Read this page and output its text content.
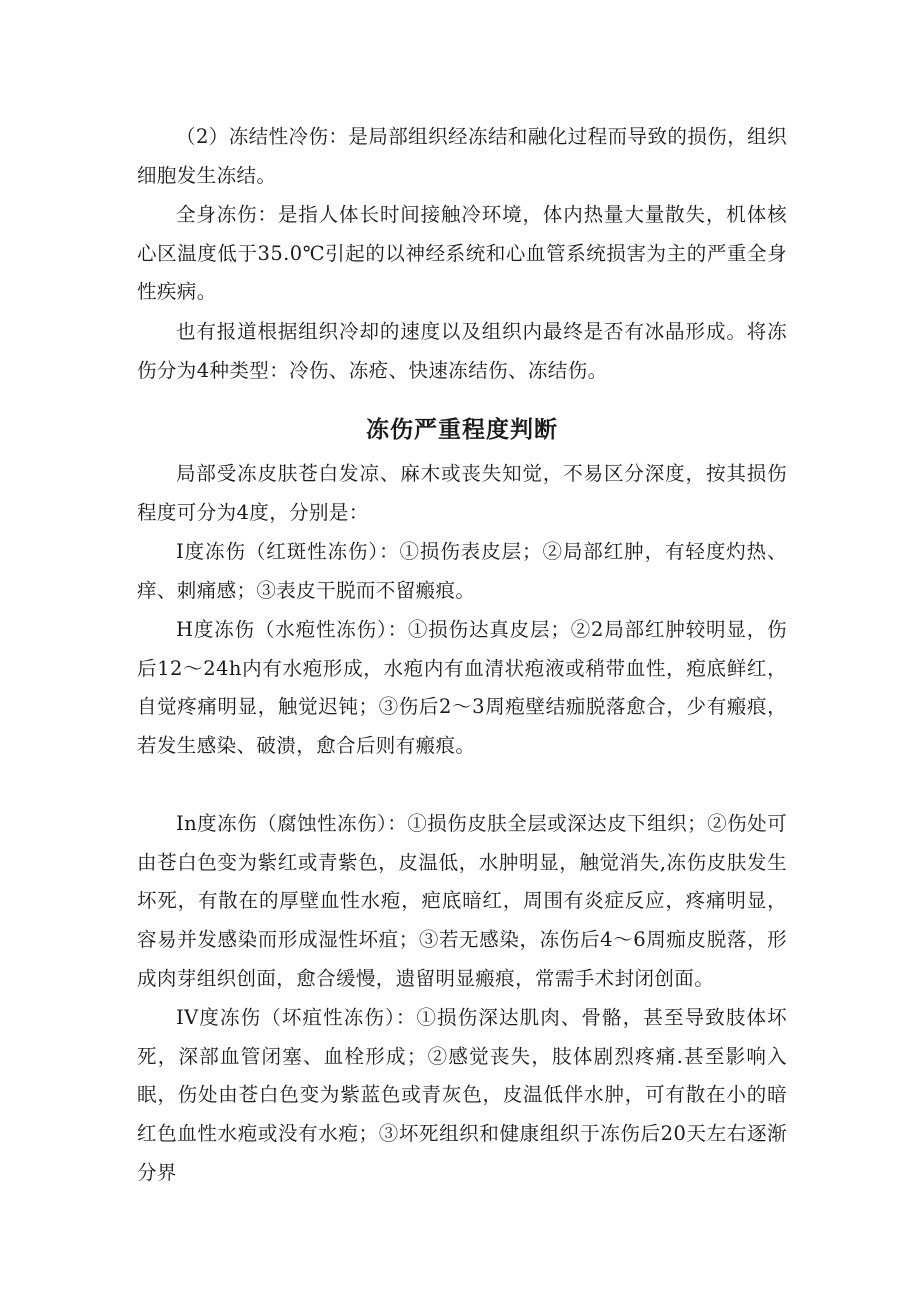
（2）冻结性冷伤：是局部组织经冻结和融化过程而导致的损伤，组织细胞发生冻结。

全身冻伤：是指人体长时间接触冷环境，体内热量大量散失，机体核心区温度低于35.0℃引起的以神经系统和心血管系统损害为主的严重全身性疾病。

也有报道根据组织冷却的速度以及组织内最终是否有冰晶形成。将冻伤分为4种类型：冷伤、冻疮、快速冻结伤、冻结伤。

冻伤严重程度判断

局部受冻皮肤苍白发凉、麻木或丧失知觉，不易区分深度，按其损伤程度可分为4度，分别是：

I度冻伤（红斑性冻伤）：①损伤表皮层；②局部红肿，有轻度灼热、痒、刺痛感；③表皮干脱而不留瘢痕。

H度冻伤（水疱性冻伤）：①损伤达真皮层；②2局部红肿较明显，伤后12～24h内有水疱形成，水疱内有血清状疱液或稍带血性，疱底鲜红，自觉疼痛明显，触觉迟钝；③伤后2～3周疱壁结痂脱落愈合，少有瘢痕，若发生感染、破溃，愈合后则有瘢痕。

In度冻伤（腐蚀性冻伤）：①损伤皮肤全层或深达皮下组织；②伤处可由苍白色变为紫红或青紫色，皮温低，水肿明显，触觉消失,冻伤皮肤发生坏死，有散在的厚壁血性水疱，疤底暗红，周围有炎症反应，疼痛明显，容易并发感染而形成湿性坏疽；③若无感染，冻伤后4～6周痂皮脱落，形成肉芽组织创面，愈合缓慢，遗留明显瘢痕，常需手术封闭创面。

IV度冻伤（坏疽性冻伤）：①损伤深达肌肉、骨骼，甚至导致肢体坏死，深部血管闭塞、血栓形成；②感觉丧失，肢体剧烈疼痛.甚至影响入眠，伤处由苍白色变为紫蓝色或青灰色，皮温低伴水肿，可有散在小的暗红色血性水疱或没有水疱；③坏死组织和健康组织于冻伤后20天左右逐渐分界
